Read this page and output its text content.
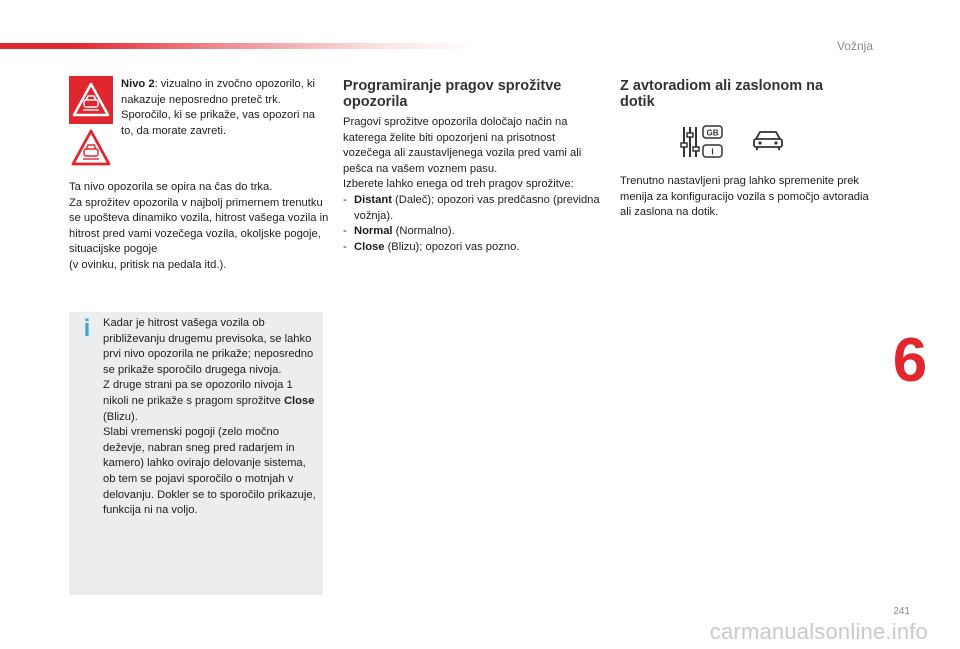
Vožnja

Nivo 2: vizualno in zvočno opozorilo, ki nakazuje neposredno preteč trk. Sporočilo, ki se prikaže, vas opozori na to, da morate zavreti.

Ta nivo opozorila se opira na čas do trka.

Za sprožitev opozorila v najbolj primernem trenutku se upošteva dinamiko vozila, hitrost vašega vozila in hitrost pred vami vozečega vozila, okoljske pogoje, situacijske pogoje

(v ovinku, pritisk na pedala itd.).

i	Kadar je hitrost vašega vozila ob približevanju drugemu previsoka, se lahko prvi nivo opozorila ne prikaže; neposredno se prikaže sporočilo drugega nivoja.

Z druge strani pa se opozorilo nivoja 1 nikoli ne prikaže s pragom sprožitve Close (Blizu).

Slabi vremenski pogoji (zelo močno deževje, nabran sneg pred radarjem in kamero) lahko ovirajo delovanje sistema, ob tem se pojavi sporočilo o motnjah v delovanju. Dokler se to sporočilo prikazuje, funkcija ni na voljo.

Programiranje pragov sprožitve opozorila

Pragovi sprožitve opozorila določajo način na katerega želite biti opozorjeni na prisotnost vozečega ali zaustavljenega vozila pred vami ali pešca na vašem voznem pasu.

Izberete lahko enega od treh pragov sprožitve:

- Distant (Daleč); opozori vas predčasno (previdna vožnja).
- Normal (Normalno).
- Close (Blizu); opozori vas pozno.
Z avtoradiom ali zaslonom na dotik
GB
I

Trenutno nastavljeni prag lahko spremenite prek menija za konfiguracijo vozila s pomočjo avtoradia ali zaslona na dotik.

6
241
carmanualsonline.info
